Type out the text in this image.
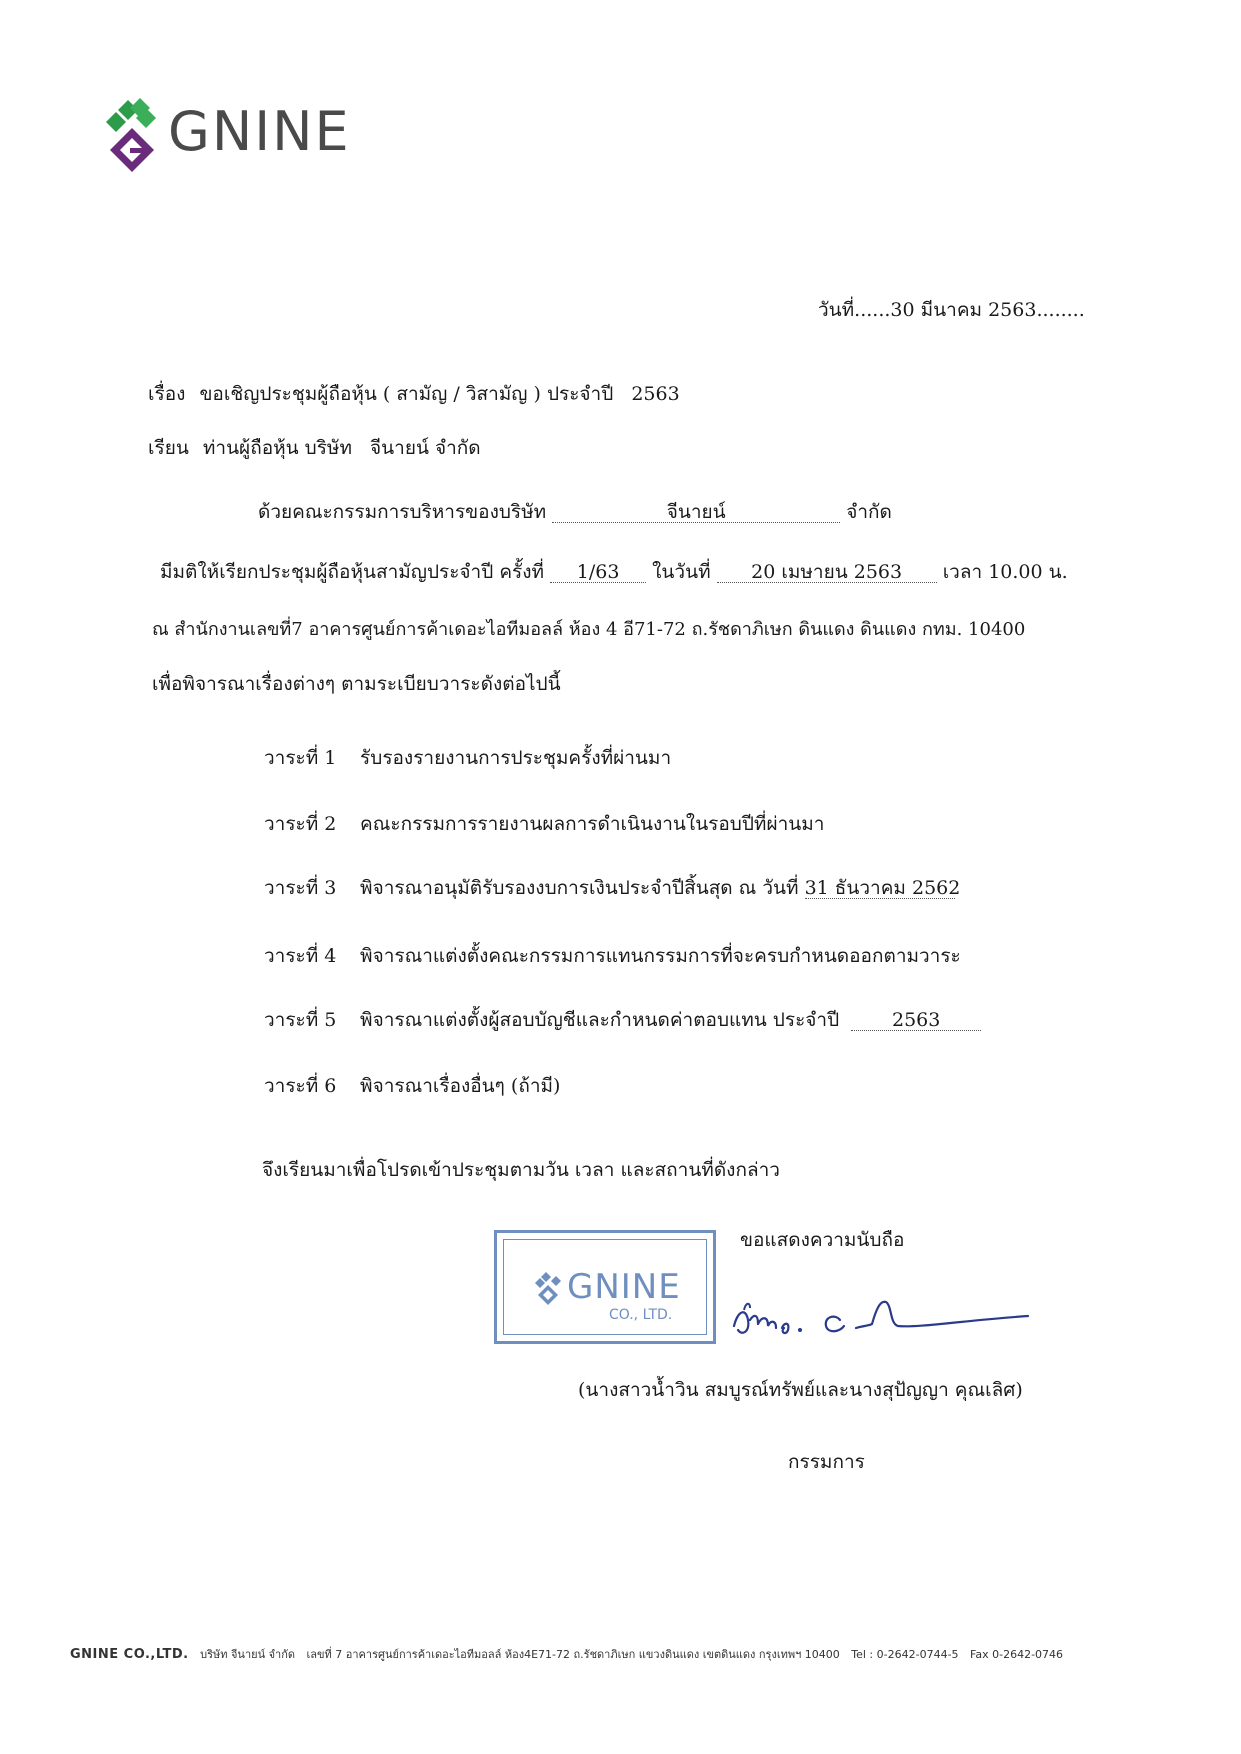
GNINE
วันที่......30 มีนาคม 2563........
เรื่อง ขอเชิญประชุมผู้ถือหุ้น ( สามัญ / วิสามัญ ) ประจำปี 2563
เรียน ท่านผู้ถือหุ้น บริษัท จีนายน์ จำกัด
ด้วยคณะกรรมการบริหารของบริษัท	จีนายน์	จำกัด
มีมติให้เรียกประชุมผู้ถือหุ้นสามัญประจำปี ครั้งที่ 1/63 ในวันที่ 20 เมษายน 2563 เวลา 10.00 น.
ณ สำนักงานเลขที่7 อาคารศูนย์การค้าเดอะไอทีมอลล์ ห้อง 4 อี71-72 ถ.รัชดาภิเษก ดินแดง ดินแดง กทม. 10400
เพื่อพิจารณาเรื่องต่างๆ ตามระเบียบวาระดังต่อไปนี้
วาระที่ 1 รับรองรายงานการประชุมครั้งที่ผ่านมา
วาระที่ 2 คณะกรรมการรายงานผลการดำเนินงานในรอบปีที่ผ่านมา
วาระที่ 3 พิจารณาอนุมัติรับรองงบการเงินประจำปีสิ้นสุด ณ วันที่ 31 ธันวาคม 2562
วาระที่ 4 พิจารณาแต่งตั้งคณะกรรมการแทนกรรมการที่จะครบกำหนดออกตามวาระ
วาระที่ 5 พิจารณาแต่งตั้งผู้สอบบัญชีและกำหนดค่าตอบแทน ประจำปี	2563
วาระที่ 6 พิจารณาเรื่องอื่นๆ (ถ้ามี)
จึงเรียนมาเพื่อโปรดเข้าประชุมตามวัน เวลา และสถานที่ดังกล่าว
ขอแสดงความนับถือ
GNINE
CO., LTD.
(นางสาวน้ำวิน สมบูรณ์ทรัพย์และนางสุปัญญา คุณเลิศ)
กรรมการ
GNINE CO.,LTD. บริษัท จีนายน์ จำกัด เลขที่ 7 อาคารศูนย์การค้าเดอะไอทีมอลล์ ห้อง4E71-72 ถ.รัชดาภิเษก แขวงดินแดง เขตดินแดง กรุงเทพฯ 10400 Tel : 0-2642-0744-5 Fax 0-2642-0746
